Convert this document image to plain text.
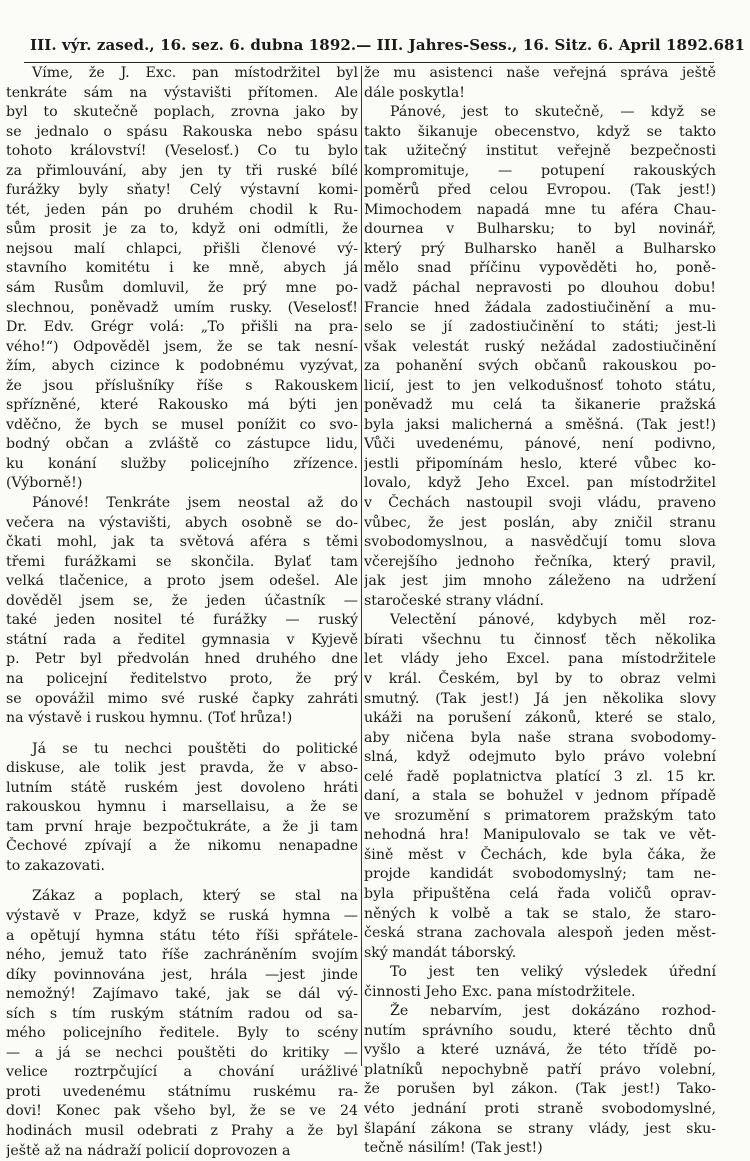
III. výr. zased., 16. sez. 6. dubna 1892. — III. Jahres-Sess., 16. Sitz. 6. April 1892. 681
Víme, že J. Exc. pan místodržitel byl
tenkráte sám na výstavišti přítomen. Ale
byl to skutečně poplach, zrovna jako by
se jednalo o spásu Rakouska nebo spásu
tohoto království! (Veselosť.) Co tu bylo
za přimlouvání, aby jen ty tři ruské bílé
furážky byly sňaty! Celý výstavní komi-
tét, jeden pán po druhém chodil k Ru-
sům prosit je za to, když oni odmítli, že
nejsou malí chlapci, přišli členové vý-
stavního komitétu i ke mně, abych já
sám Rusům domluvil, že prý mne po-
slechnou, poněvadž umím rusky. (Veselosť!
Dr. Edv. Grégr volá: „To přišli na pra-
vého!“) Odpověděl jsem, že se tak nesní-
žím, abych cizince k podobnému vyzývat,
že jsou příslušníky říše s Rakouskem
spřízněné, které Rakousko má býti jen
vděčno, že bych se musel ponížit co svo-
bodný občan a zvláště co zástupce lidu,
ku konání služby policejního zřízence.
(Výborně!)
Pánové! Tenkráte jsem neostal až do
večera na výstavišti, abych osobně se do-
čkati mohl, jak ta světová aféra s těmi
třemi furážkami se skončila. Bylať tam
velká tlačenice, a proto jsem odešel. Ale
dověděl jsem se, že jeden účastník —
také jeden nositel té furážky — ruský
státní rada a ředitel gymnasia v Kyjevě
p. Petr byl předvolán hned druhého dne
na policejní ředitelstvo proto, že prý
se opovážil mimo své ruské čapky zahráti
na výstavě i ruskou hymnu. (Toť hrůza!)
Já se tu nechci pouštěti do politické
diskuse, ale tolik jest pravda, že v abso-
lutním státě ruském jest dovoleno hráti
rakouskou hymnu i marsellaisu, a že se
tam první hraje bezpočtukráte, a že ji tam
Čechové zpívají a že nikomu nenapadne
to zakazovati.
Zákaz a poplach, který se stal na
výstavě v Praze, když se ruská hymna —
a opětují hymna státu této říši spřátele-
ného, jemuž tato říše zachráněním svojím
díky povinnována jest, hrála —jest jinde
nemožný! Zajímavo také, jak se dál vý-
sích s tím ruským státním radou od sa-
mého policejního ředitele. Byly to scény
— a já se nechci pouštěti do kritiky —
velice roztrpčující a chování urážlivé
proti uvedenému státnímu ruskému ra-
dovi! Konec pak všeho byl, že se ve 24
hodinách musil odebrati z Prahy a že byl
ještě až na nádraží policií doprovozen a
že mu asistenci naše veřejná správa ještě
dále poskytla!
Pánové, jest to skutečně, — když se
takto šikanuje obecenstvo, když se takto
tak užitečný institut veřejně bezpečnosti
kompromituje, — potupení rakouských
poměrů před celou Evropou. (Tak jest!)
Mimochodem napadá mne tu aféra Chau-
dournea v Bulharsku; to byl novinář,
který prý Bulharsko haněl a Bulharsko
mělo snad příčinu vypověděti ho, poně-
vadž páchal nepravosti po dlouhou dobu!
Francie hned žádala zadostiučinění a mu-
selo se jí zadostiučinění to státi; jest-li
však velestát ruský nežádal zadostiučinění
za pohanění svých občanů rakouskou po-
licií, jest to jen velkodušnosť tohoto státu,
poněvadž mu celá ta šikanerie pražská
byla jaksi malicherná a směšná. (Tak jest!)
Vůči uvedenému, pánové, není podivno,
jestli připomínám heslo, které vůbec ko-
lovalo, když Jeho Excel. pan místodržitel
v Čechách nastoupil svoji vládu, praveno
vůbec, že jest poslán, aby zničil stranu
svobodomyslnou, a nasvědčují tomu slova
včerejšího jednoho řečníka, který pravil,
jak jest jim mnoho záleženo na udržení
staročeské strany vládní.
Velectění pánové, kdybych měl roz-
bírati všechnu tu činnosť těch několika
let vlády jeho Excel. pana místodržitele
v král. Českém, byl by to obraz velmi
smutný. (Tak jest!) Já jen několika slovy
ukáži na porušení zákonů, které se stalo,
aby ničena byla naše strana svobodomy-
slná, když odejmuto bylo právo volební
celé řadě poplatnictva platící 3 zl. 15 kr.
daní, a stala se bohužel v jednom případě
ve srozumění s primatorem pražským tato
nehodná hra! Manipulovalo se tak ve vět-
šině měst v Čechách, kde byla čáka, že
projde kandidát svobodomyslný; tam ne-
byla připuštěna celá řada voličů oprav-
něných k volbě a tak se stalo, že staro-
česká strana zachovala alespoň jeden měst-
ský mandát táborský.
To jest ten veliký výsledek úřední
činnosti Jeho Exc. pana místodržitele.
Že nebarvím, jest dokázáno rozhod-
nutím správního soudu, které těchto dnů
vyšlo a které uznává, že této třídě po-
platníků nepochybně patří právo volební,
že porušen byl zákon. (Tak jest!) Tako-
véto jednání proti straně svobodomyslné,
šlapání zákona se strany vlády, jest sku-
tečně násilím! (Tak jest!)
